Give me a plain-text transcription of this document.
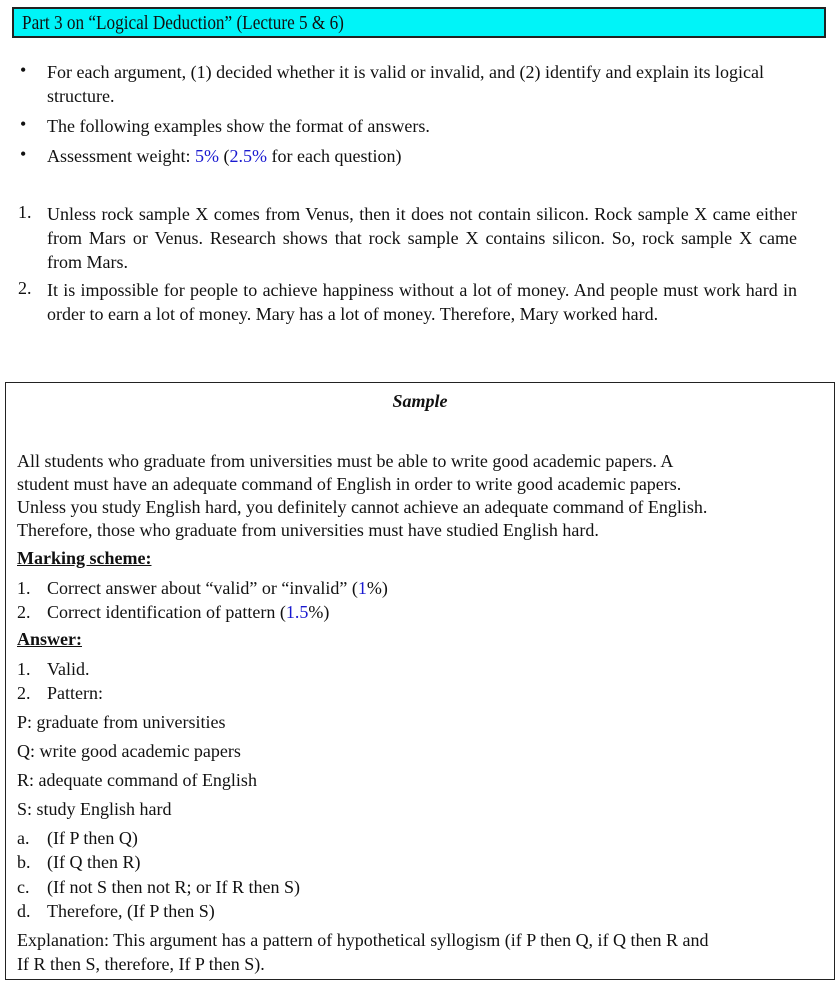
Part 3 on “Logical Deduction” (Lecture 5 & 6)
• For each argument, (1) decided whether it is valid or invalid, and (2) identify and explain its logical structure.
• The following examples show the format of answers.
• Assessment weight: 5% (2.5% for each question)
1. Unless rock sample X comes from Venus, then it does not contain silicon. Rock sample X came either from Mars or Venus. Research shows that rock sample X contains silicon. So, rock sample X came from Mars.
2. It is impossible for people to achieve happiness without a lot of money. And people must work hard in order to earn a lot of money. Mary has a lot of money. Therefore, Mary worked hard.
Sample
All students who graduate from universities must be able to write good academic papers. A
student must have an adequate command of English in order to write good academic papers.
Unless you study English hard, you definitely cannot achieve an adequate command of English.
Therefore, those who graduate from universities must have studied English hard.
Marking scheme:
1. Correct answer about “valid” or “invalid” (1%)
2. Correct identification of pattern (1.5%)
Answer:
1. Valid.
2. Pattern:
P: graduate from universities
Q: write good academic papers
R: adequate command of English
S: study English hard
a. (If P then Q)
b. (If Q then R)
c. (If not S then not R; or If R then S)
d. Therefore, (If P then S)
Explanation: This argument has a pattern of hypothetical syllogism (if P then Q, if Q then R and
If R then S, therefore, If P then S).
